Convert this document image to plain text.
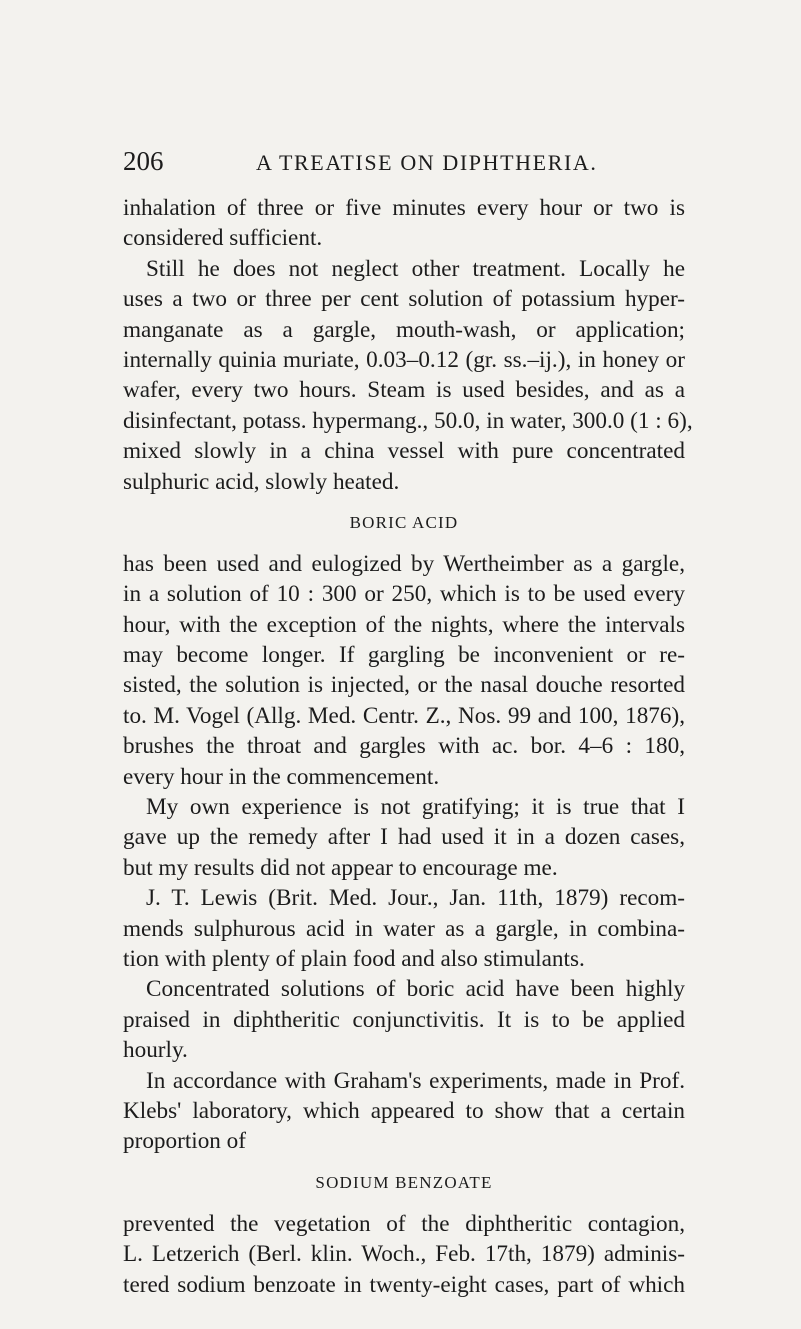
206	A TREATISE ON DIPHTHERIA.
inhalation of three or five minutes every hour or two is
considered sufficient.
Still he does not neglect other treatment. Locally he
uses a two or three per cent solution of potassium hyper-
manganate as a gargle, mouth-wash, or application;
internally quinia muriate, 0.03–0.12 (gr. ss.–ij.), in honey or
wafer, every two hours. Steam is used besides, and as a
disinfectant, potass. hypermang., 50.0, in water, 300.0 (1 : 6),
mixed slowly in a china vessel with pure concentrated
sulphuric acid, slowly heated.
BORIC ACID
has been used and eulogized by Wertheimber as a gargle,
in a solution of 10 : 300 or 250, which is to be used every
hour, with the exception of the nights, where the intervals
may become longer. If gargling be inconvenient or re-
sisted, the solution is injected, or the nasal douche resorted
to. M. Vogel (Allg. Med. Centr. Z., Nos. 99 and 100, 1876),
brushes the throat and gargles with ac. bor. 4–6 : 180,
every hour in the commencement.
My own experience is not gratifying; it is true that I
gave up the remedy after I had used it in a dozen cases,
but my results did not appear to encourage me.
J. T. Lewis (Brit. Med. Jour., Jan. 11th, 1879) recom-
mends sulphurous acid in water as a gargle, in combina-
tion with plenty of plain food and also stimulants.
Concentrated solutions of boric acid have been highly
praised in diphtheritic conjunctivitis. It is to be applied
hourly.
In accordance with Graham's experiments, made in Prof.
Klebs' laboratory, which appeared to show that a certain
proportion of
SODIUM BENZOATE
prevented the vegetation of the diphtheritic contagion,
L. Letzerich (Berl. klin. Woch., Feb. 17th, 1879) adminis-
tered sodium benzoate in twenty-eight cases, part of which
